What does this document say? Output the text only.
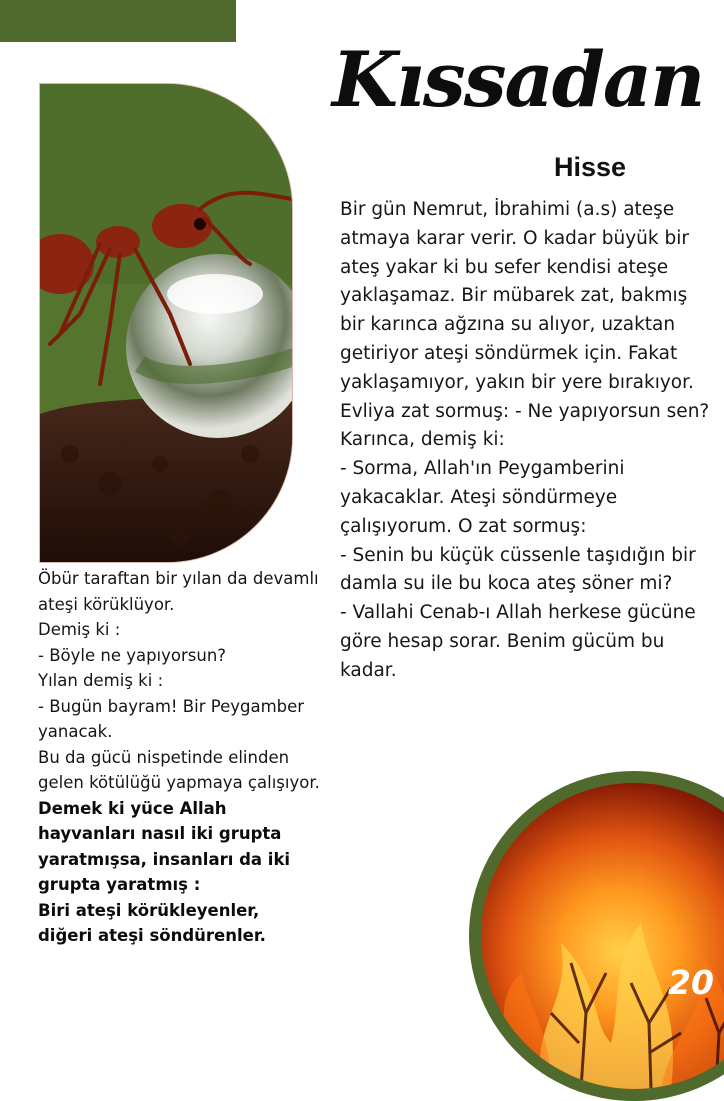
Kıssadan
Hisse

Bir gün Nemrut, İbrahimi (a.s) ateşe atmaya karar verir. O kadar büyük bir ateş yakar ki bu sefer kendisi ateşe yaklaşamaz. Bir mübarek zat, bakmış bir karınca ağzına su alıyor, uzaktan getiriyor ateşi söndürmek için. Fakat yaklaşamıyor, yakın bir yere bırakıyor. Evliya zat sormuş: - Ne yapıyorsun sen?

Karınca, demiş ki:

- Sorma, Allah'ın Peygamberini yakacaklar. Ateşi söndürmeye çalışıyorum. O zat sormuş:

- Senin bu küçük cüssenle taşıdığın bir damla su ile bu koca ateş söner mi?

- Vallahi Cenab-ı Allah herkese gücüne göre hesap sorar. Benim gücüm bu kadar.

Öbür taraftan bir yılan da devamlı ateşi körüklüyor.

Demiş ki :

- Böyle ne yapıyorsun?

Yılan demiş ki :

- Bugün bayram! Bir Peygamber yanacak.

Bu da gücü nispetinde elinden gelen kötülüğü yapmaya çalışıyor. Demek ki yüce Allah hayvanları nasıl iki grupta yaratmışsa, insanları da iki grupta yaratmış :

Biri ateşi körükleyenler,

diğeri ateşi söndürenler.

20
